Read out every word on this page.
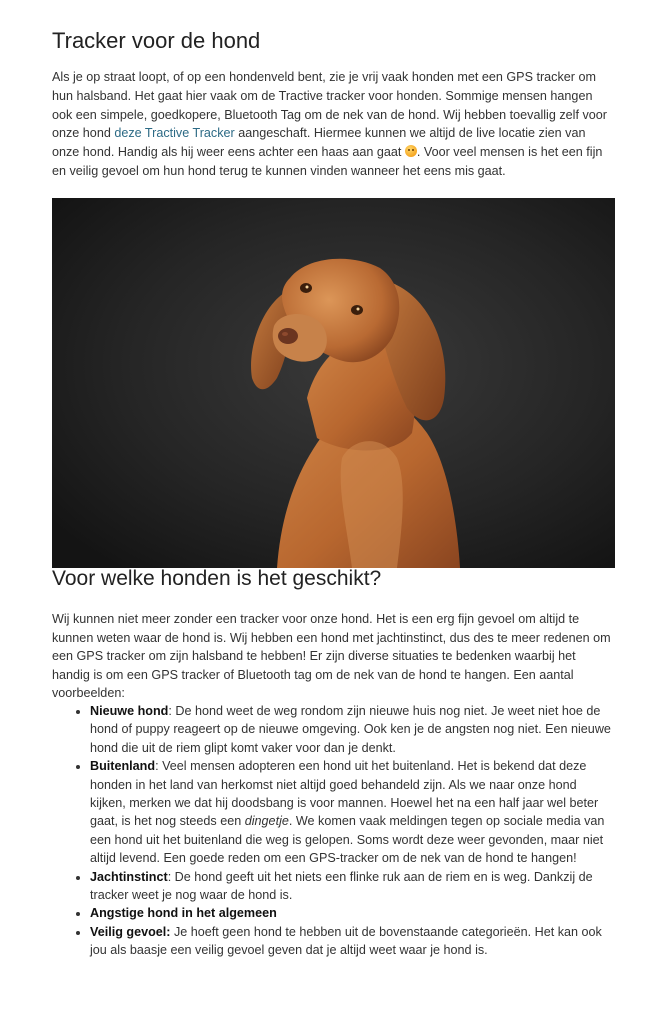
Tracker voor de hond

Als je op straat loopt, of op een hondenveld bent, zie je vrij vaak honden met een GPS tracker om hun halsband. Het gaat hier vaak om de Tractive tracker voor honden. Sommige mensen hangen ook een simpele, goedkopere, Bluetooth Tag om de nek van de hond. Wij hebben toevallig zelf voor onze hond deze Tractive Tracker aangeschaft. Hiermee kunnen we altijd de live locatie zien van onze hond. Handig als hij weer eens achter een haas aan gaat . Voor veel mensen is het een fijn en veilig gevoel om hun hond terug te kunnen vinden wanneer het eens mis gaat.

Voor welke honden is het geschikt?

Wij kunnen niet meer zonder een tracker voor onze hond. Het is een erg fijn gevoel om altijd te kunnen weten waar de hond is. Wij hebben een hond met jachtinstinct, dus des te meer redenen om een GPS tracker om zijn halsband te hebben! Er zijn diverse situaties te bedenken waarbij het handig is om een GPS tracker of Bluetooth tag om de nek van de hond te hangen. Een aantal voorbeelden:

• Nieuwe hond: De hond weet de weg rondom zijn nieuwe huis nog niet. Je weet niet hoe de hond of puppy reageert op de nieuwe omgeving. Ook ken je de angsten nog niet. Een nieuwe hond die uit de riem glipt komt vaker voor dan je denkt.
• Buitenland: Veel mensen adopteren een hond uit het buitenland. Het is bekend dat deze honden in het land van herkomst niet altijd goed behandeld zijn. Als we naar onze hond kijken, merken we dat hij doodsbang is voor mannen. Hoewel het na een half jaar wel beter gaat, is het nog steeds een dingetje. We komen vaak meldingen tegen op sociale media van een hond uit het buitenland die weg is gelopen. Soms wordt deze weer gevonden, maar niet altijd levend. Een goede reden om een GPS-tracker om de nek van de hond te hangen!
• Jachtinstinct: De hond geeft uit het niets een flinke ruk aan de riem en is weg. Dankzij de tracker weet je nog waar de hond is.
• Angstige hond in het algemeen
• Veilig gevoel: Je hoeft geen hond te hebben uit de bovenstaande categorieën. Het kan ook jou als baasje een veilig gevoel geven dat je altijd weet waar je hond is.
